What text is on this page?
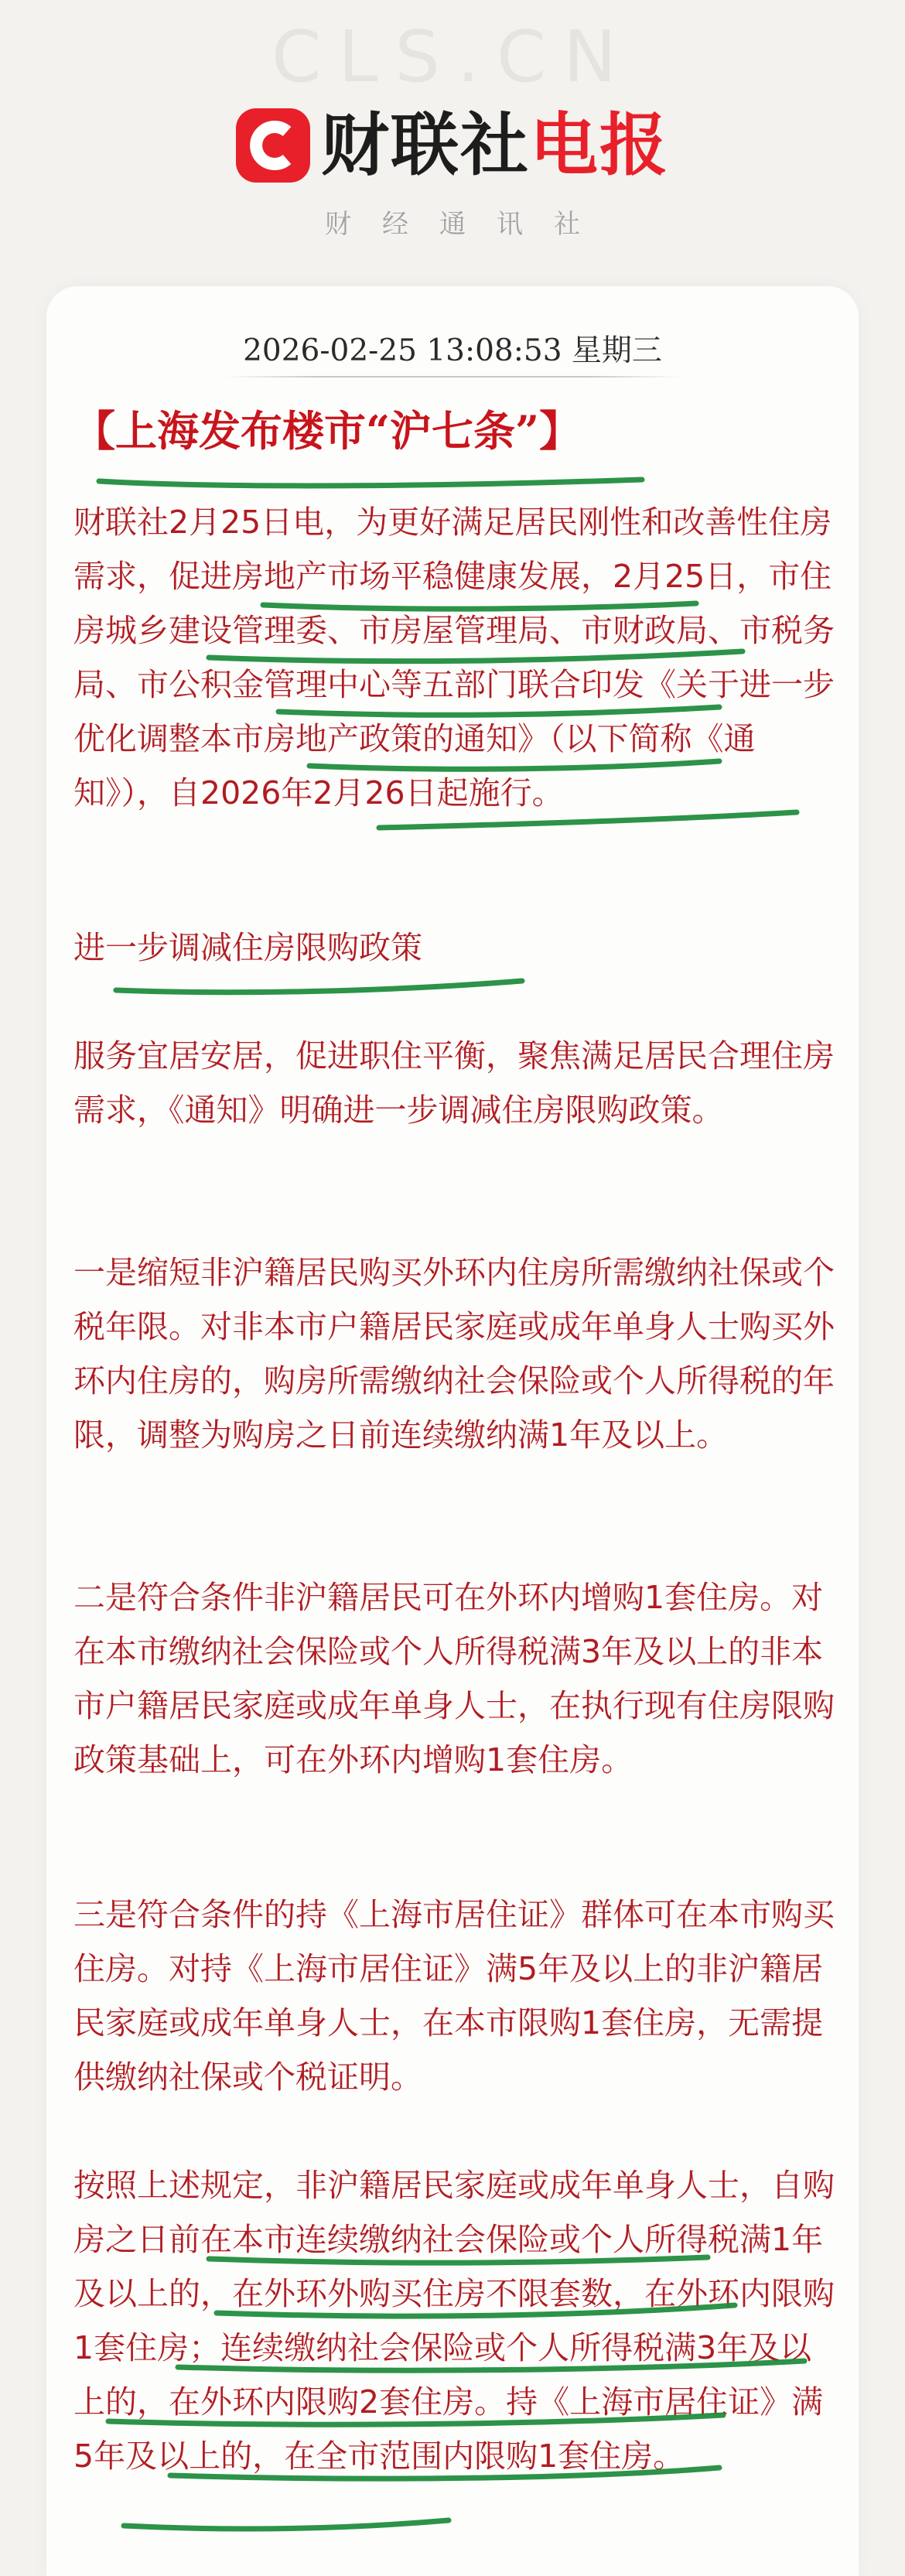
CLS.CN
财联社电报
财经通讯社
2026-02-25 13:08:53 星期三
【上海发布楼市“沪七条”】

财联社2月25日电，为更好满足居民刚性和改善性住房需求，促进房地产市场平稳健康发展，2月25日，市住房城乡建设管理委、市房屋管理局、市财政局、市税务局、市公积金管理中心等五部门联合印发《关于进一步优化调整本市房地产政策的通知》（以下简称《通知》），自2026年2月26日起施行。

进一步调减住房限购政策

服务宜居安居，促进职住平衡，聚焦满足居民合理住房需求，《通知》明确进一步调减住房限购政策。

一是缩短非沪籍居民购买外环内住房所需缴纳社保或个税年限。对非本市户籍居民家庭或成年单身人士购买外环内住房的，购房所需缴纳社会保险或个人所得税的年限，调整为购房之日前连续缴纳满1年及以上。

二是符合条件非沪籍居民可在外环内增购1套住房。对在本市缴纳社会保险或个人所得税满3年及以上的非本市户籍居民家庭或成年单身人士，在执行现有住房限购政策基础上，可在外环内增购1套住房。

三是符合条件的持《上海市居住证》群体可在本市购买住房。对持《上海市居住证》满5年及以上的非沪籍居民家庭或成年单身人士，在本市限购1套住房，无需提供缴纳社保或个税证明。

按照上述规定，非沪籍居民家庭或成年单身人士，自购房之日前在本市连续缴纳社会保险或个人所得税满1年及以上的，在外环外购买住房不限套数，在外环内限购1套住房；连续缴纳社会保险或个人所得税满3年及以上的，在外环内限购2套住房。持《上海市居住证》满5年及以上的，在全市范围内限购1套住房。
